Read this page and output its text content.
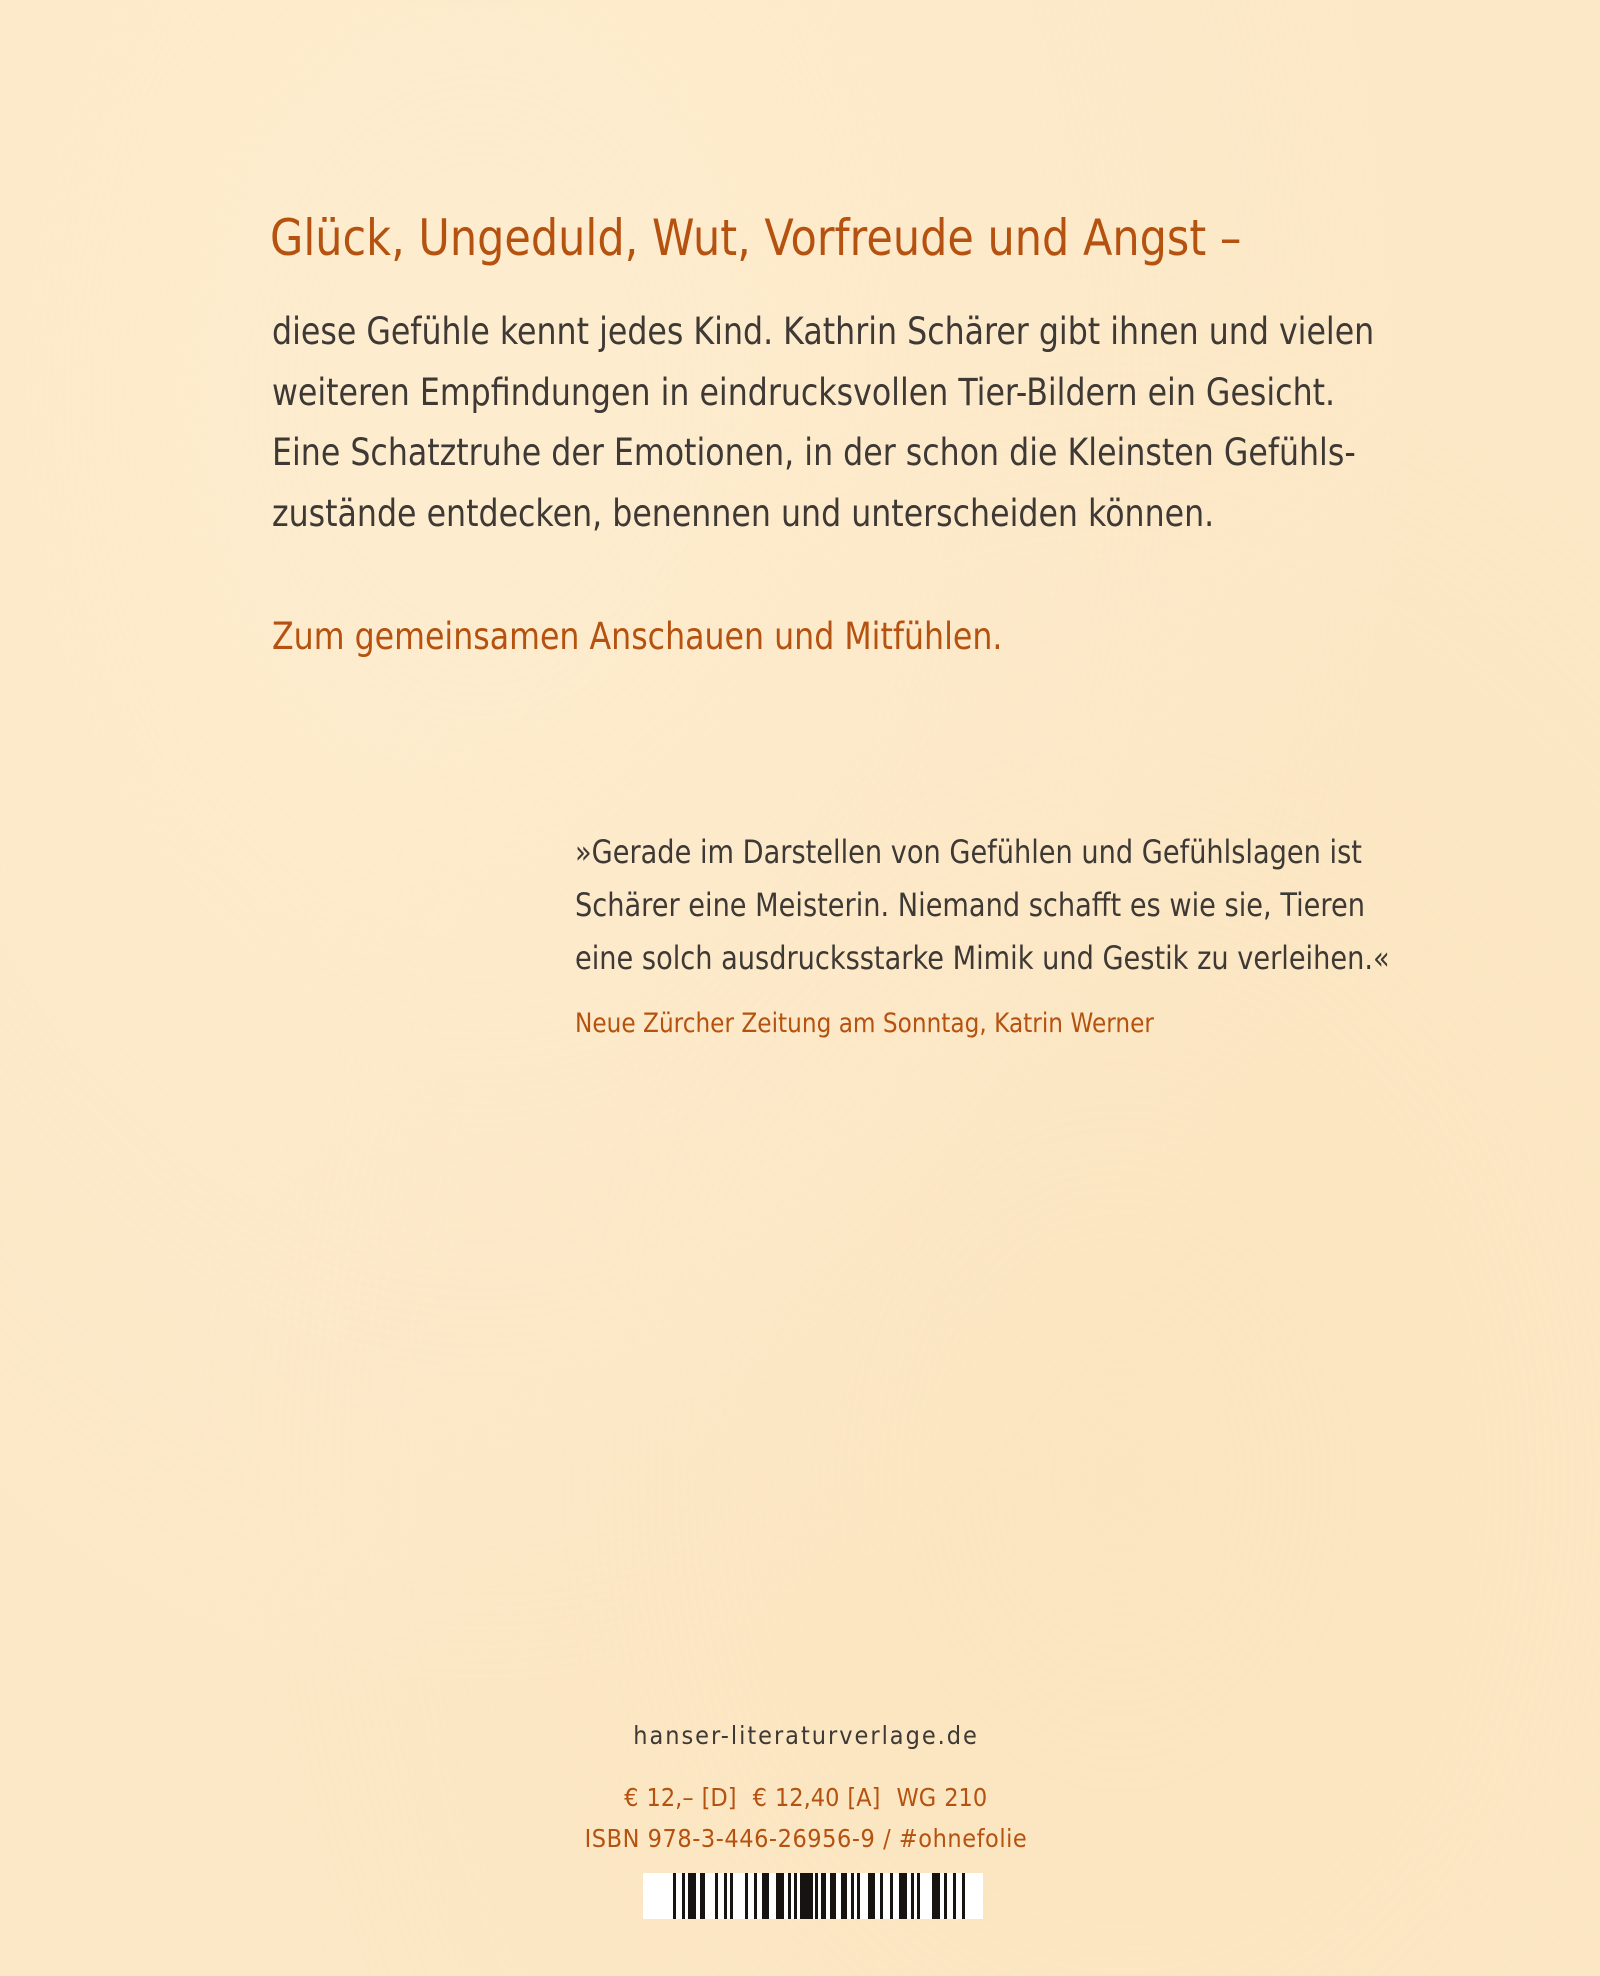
Glück, Ungeduld, Wut, Vorfreude und Angst –
diese Gefühle kennt jedes Kind. Kathrin Schärer gibt ihnen und vielen
weiteren Empfindungen in eindrucksvollen Tier-Bildern ein Gesicht.
Eine Schatztruhe der Emotionen, in der schon die Kleinsten Gefühls-
zustände entdecken, benennen und unterscheiden können.
Zum gemeinsamen Anschauen und Mitfühlen.
»Gerade im Darstellen von Gefühlen und Gefühlslagen ist
Schärer eine Meisterin. Niemand schafft es wie sie, Tieren
eine solch ausdrucksstarke Mimik und Gestik zu verleihen.«
Neue Zürcher Zeitung am Sonntag, Katrin Werner
hanser-literaturverlage.de
€ 12,– [D]  € 12,40 [A]  WG 210
ISBN 978-3-446-26956-9 / #ohnefolie
